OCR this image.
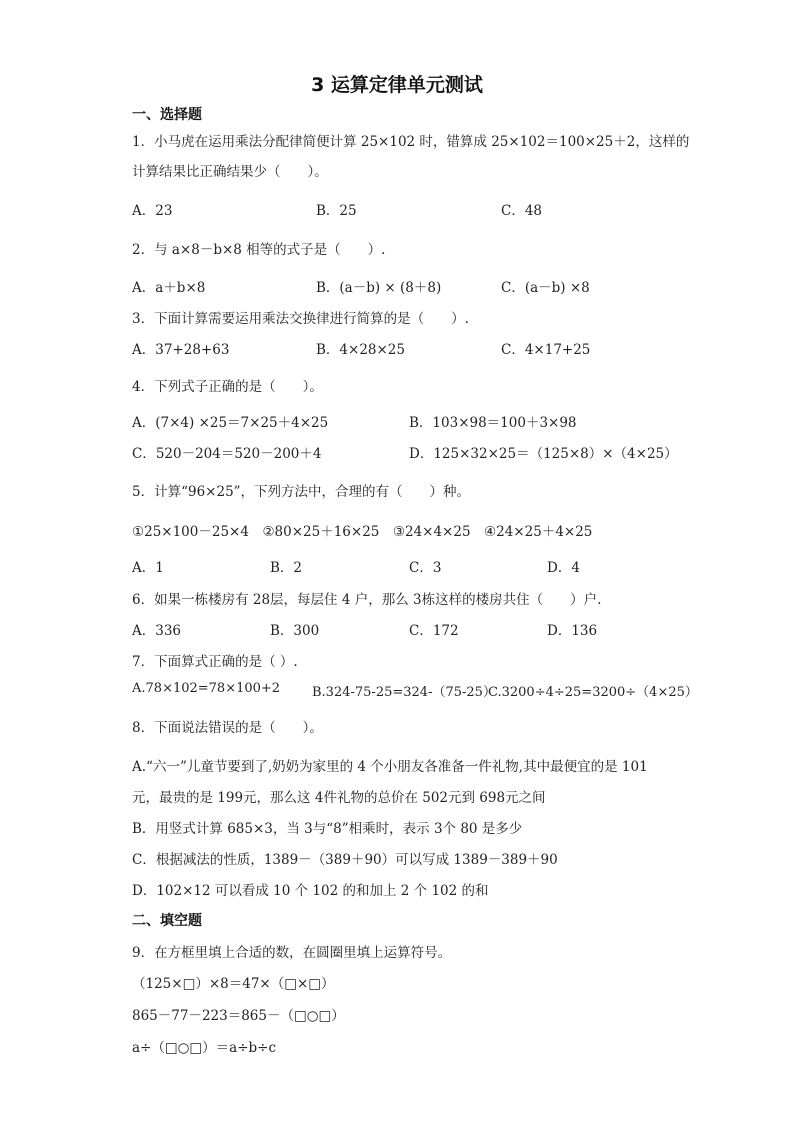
3 运算定律单元测试
一、选择题
1．小马虎在运用乘法分配律简便计算 25×102 时，错算成 25×102＝100×25＋2，这样的
计算结果比正确结果少（　　）。
A．23	B．25	C．48
2．与 a×8－b×8 相等的式子是（　　）.
A．a＋b×8	B．(a－b) × (8＋8)	C．(a－b) ×8
3．下面计算需要运用乘法交换律进行简算的是（　　）.
A．37+28+63	B．4×28×25	C．4×17+25
4．下列式子正确的是（　　）。
A．(7×4) ×25＝7×25＋4×25	B．103×98＝100＋3×98
C．520－204＝520－200＋4	D．125×32×25＝（125×8）×（4×25）
5．计算“96×25”，下列方法中，合理的有（　　）种。
①25×100－25×4　②80×25＋16×25　③24×4×25　④24×25＋4×25
A．1	B．2	C．3	D．4
6．如果一栋楼房有 28层，每层住 4 户，那么 3栋这样的楼房共住（　　）户.
A．336	B．300	C．172	D．136
7．下面算式正确的是（ ）.
A.78×102=78×100+2 B.324-75-25=324-（75-25）
C.3200÷4÷25=3200÷（4×25）
8．下面说法错误的是（　　）。
A.“六一”儿童节要到了,奶奶为家里的 4 个小朋友各准备一件礼物,其中最便宜的是 101
元，最贵的是 199元，那么这 4件礼物的总价在 502元到 698元之间
B．用竖式计算 685×3，当 3与“8”相乘时，表示 3个 80 是多少
C．根据减法的性质，1389－（389＋90）可以写成 1389－389＋90
D．102×12 可以看成 10 个 102 的和加上 2 个 102 的和
二、填空题
9．在方框里填上合适的数，在圆圈里填上运算符号。
（125×□）×8＝47×（□×□）
865－77－223＝865－（□○□）
a÷（□○□）＝a÷b÷c
